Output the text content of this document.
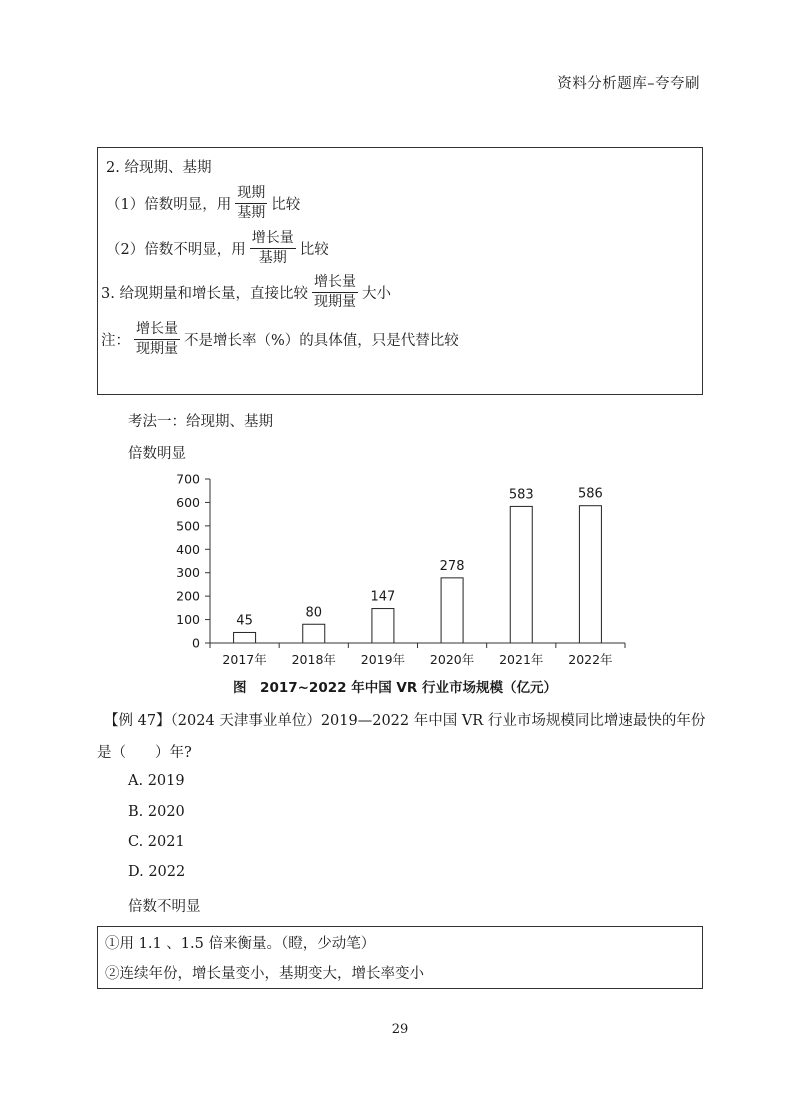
资料分析题库–夸夸刷
2. 给现期、基期
（1）倍数明显，用 $\frac{\text{现期}}{\text{基期}}$ 比较
（2）倍数不明显，用 $\frac{\text{增长量}}{\text{基期}}$ 比较
3. 给现期量和增长量，直接比较 $\frac{\text{增长量}}{\text{现期量}}$ 大小
注： $\frac{\text{增长量}}{\text{现期量}}$ 不是增长率（%）的具体值，只是代替比较
考法一：给现期、基期
倍数明显
0
100
200
300
400
500
600
700
45
80
147
278
583	586
2017年 2018年 2019年 2020年 2021年 2022年
图　2017~2022 年中国 VR 行业市场规模（亿元）
【例 47】（2024 天津事业单位）2019—2022 年中国 VR 行业市场规模同比增速最快的年份
是（　　）年?
A. 2019
B. 2020
C. 2021
D. 2022
倍数不明显
①用 1.1 、1.5 倍来衡量。（瞪，少动笔）
②连续年份，增长量变小，基期变大，增长率变小
29
